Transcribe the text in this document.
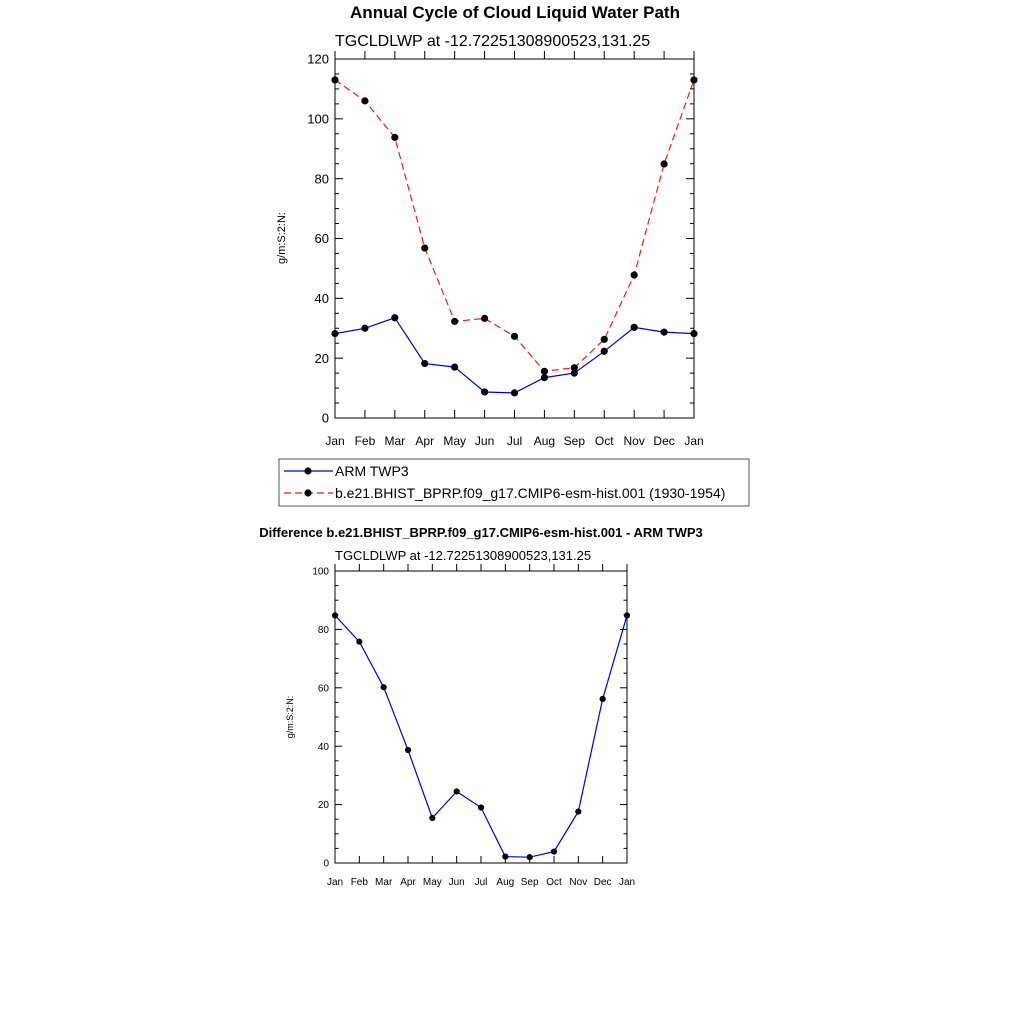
Annual Cycle of Cloud Liquid Water Path
TGCLDLWP at -12.72251308900523,131.25
g/m:S:2:N:
0
20
40
60
80
100
120
Jan Feb Mar Apr May Jun Jul Aug Sep Oct Nov Dec Jan
ARM TWP3
b.e21.BHIST_BPRP.f09_g17.CMIP6-esm-hist.001 (1930-1954)
Difference b.e21.BHIST_BPRP.f09_g17.CMIP6-esm-hist.001 - ARM TWP3
TGCLDLWP at -12.72251308900523,131.25
g/m:S:2:N:
0
20
40
60
80
100
Jan Feb Mar Apr May Jun Jul Aug Sep Oct Nov Dec Jan
